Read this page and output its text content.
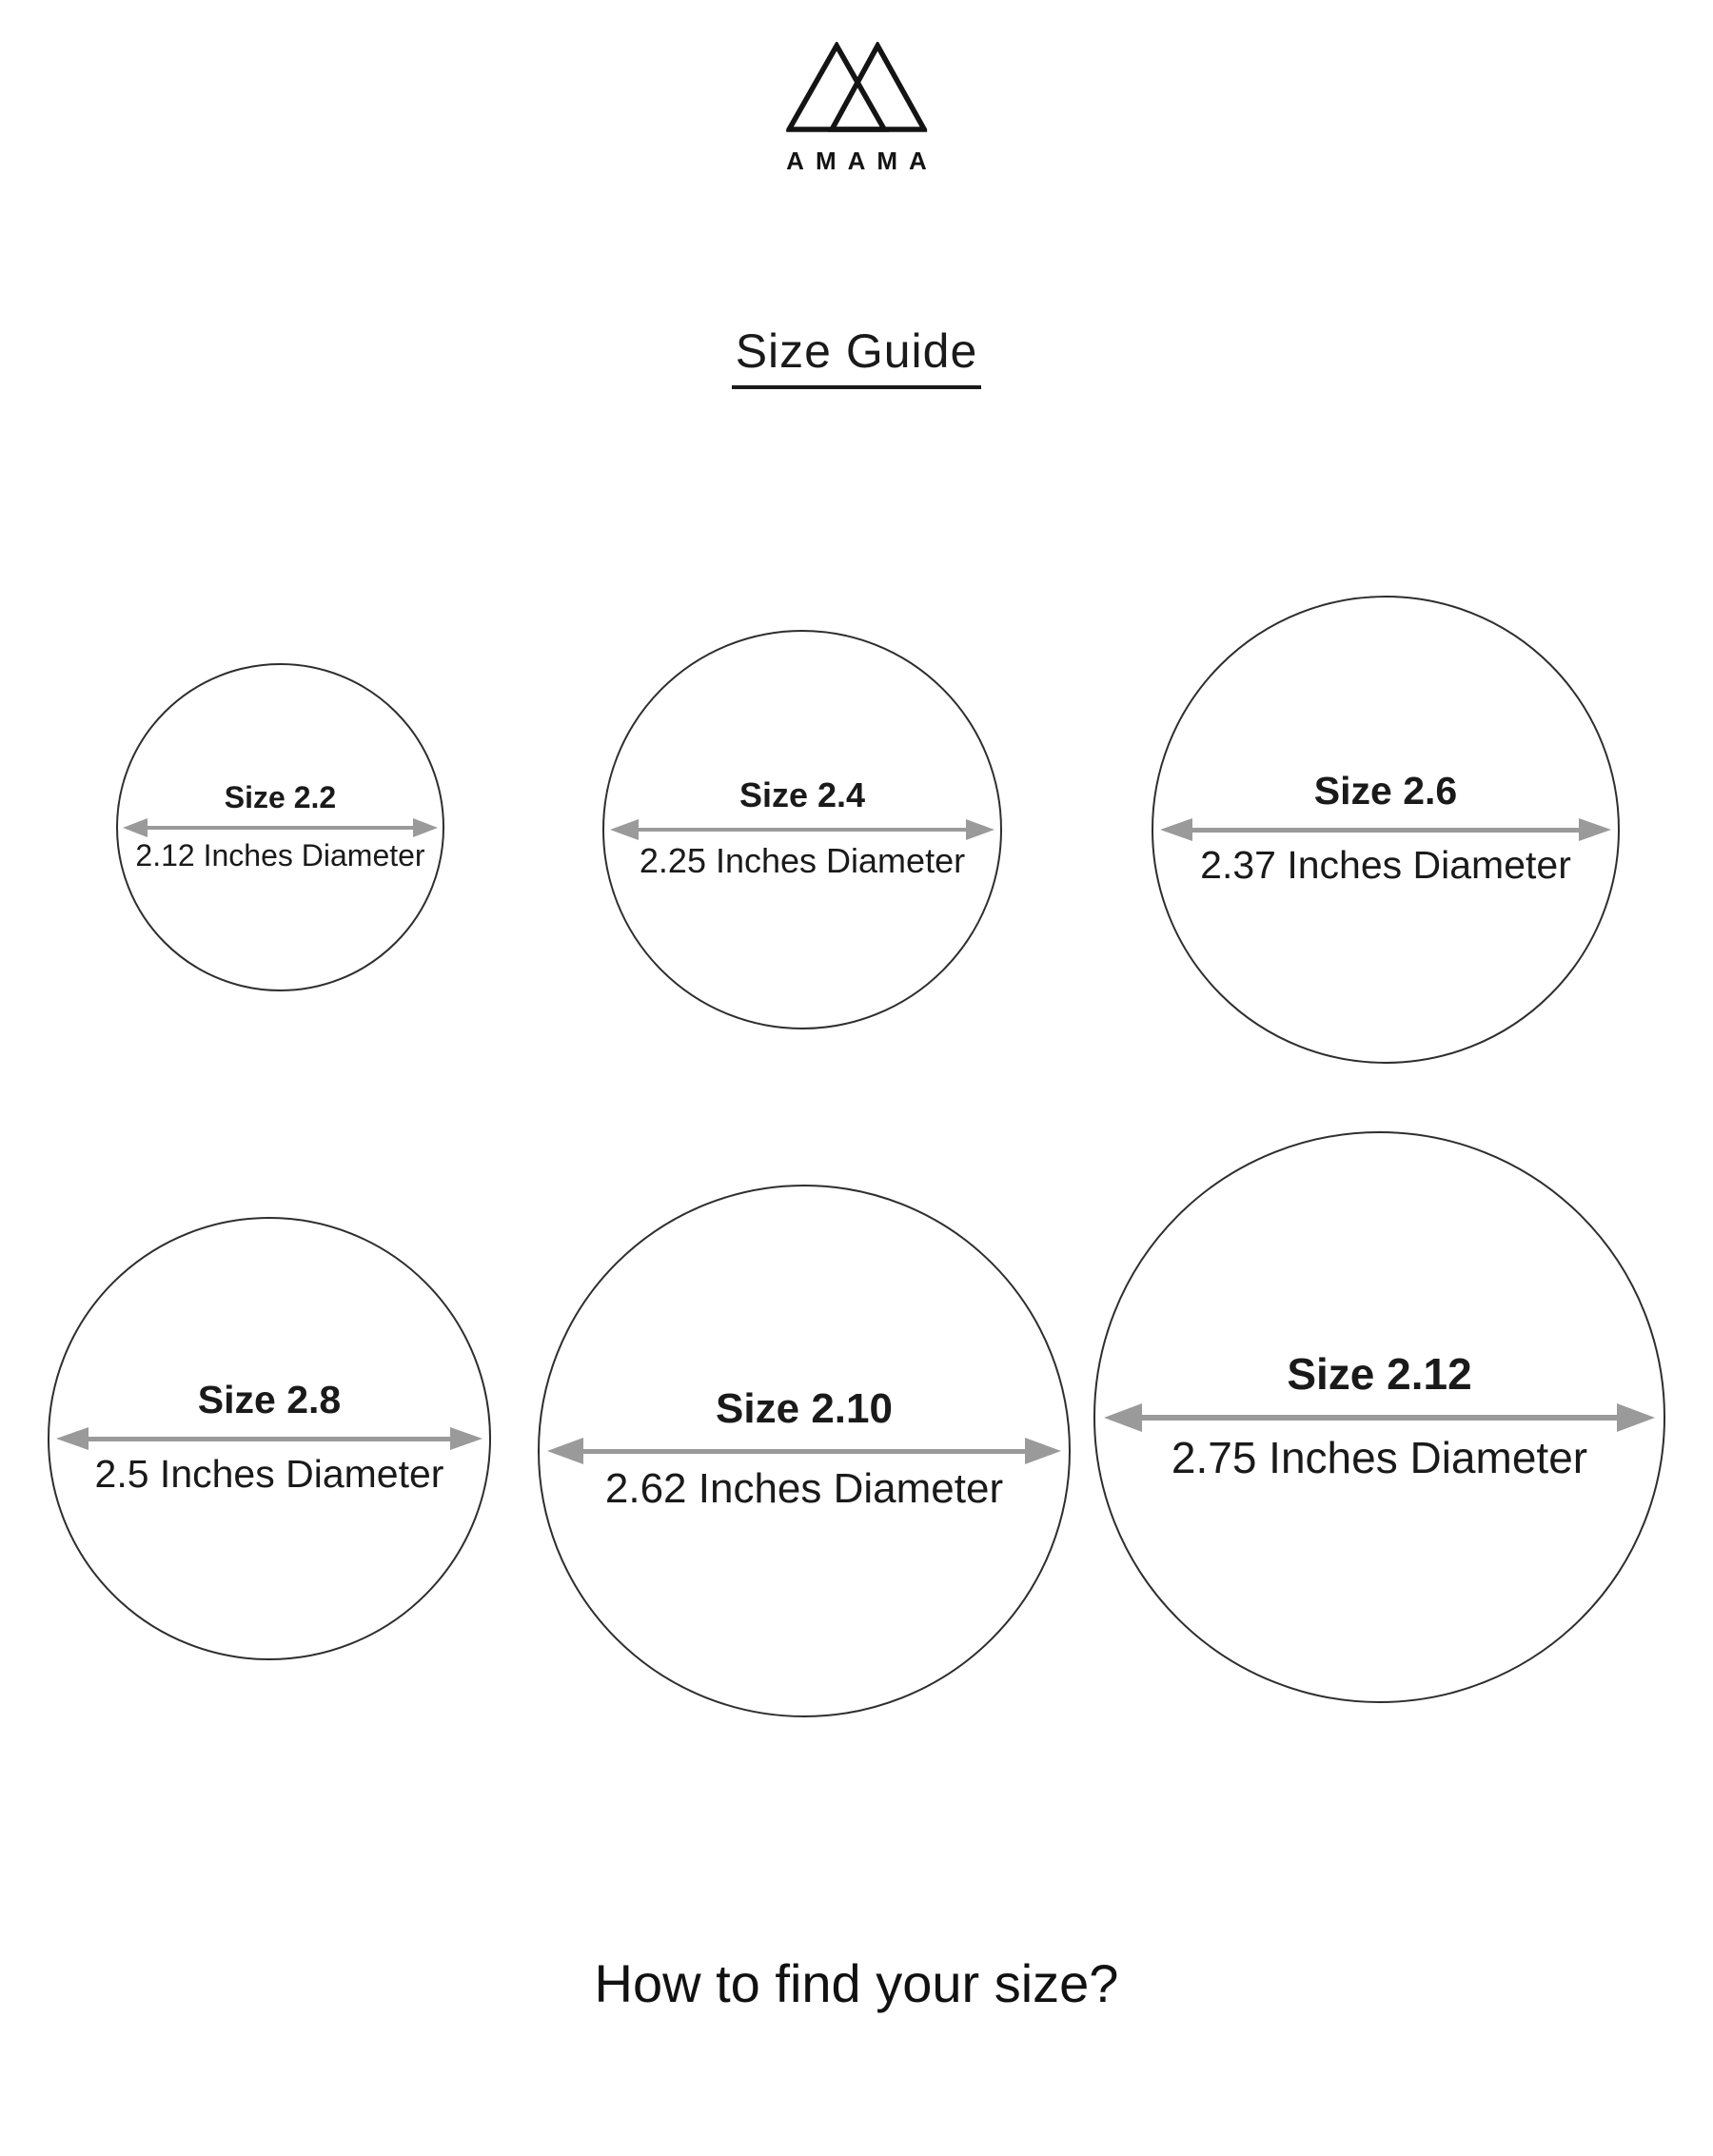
AMAMA
Size Guide
Size 2.2
2.12 Inches Diameter
Size 2.4
2.25 Inches Diameter
Size 2.6
2.37 Inches Diameter
Size 2.8
2.5 Inches Diameter
Size 2.10
2.62 Inches Diameter
Size 2.12
2.75 Inches Diameter
How to find your size?
